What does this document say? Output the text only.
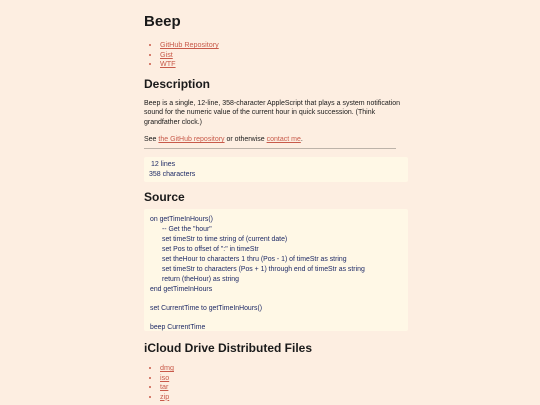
Beep
• GitHub Repository
• Gist
• WTF
Description

Beep is a single, 12-line, 358-character AppleScript that plays a system notification sound for the numeric value of the current hour in quick succession. (Think grandfather clock.)

See the GitHub repository or otherwise contact me.

12 lines
358 characters
Source
on getTimeInHours()
-- Get the "hour"
set timeStr to time string of (current date)
set Pos to offset of ":" in timeStr
set theHour to characters 1 thru (Pos - 1) of timeStr as string
set timeStr to characters (Pos + 1) through end of timeStr as string
return (theHour) as string
end getTimeInHours
set CurrentTime to getTimeInHours()
beep CurrentTime
iCloud Drive Distributed Files
• dmg
• iso
• tar
• zip
